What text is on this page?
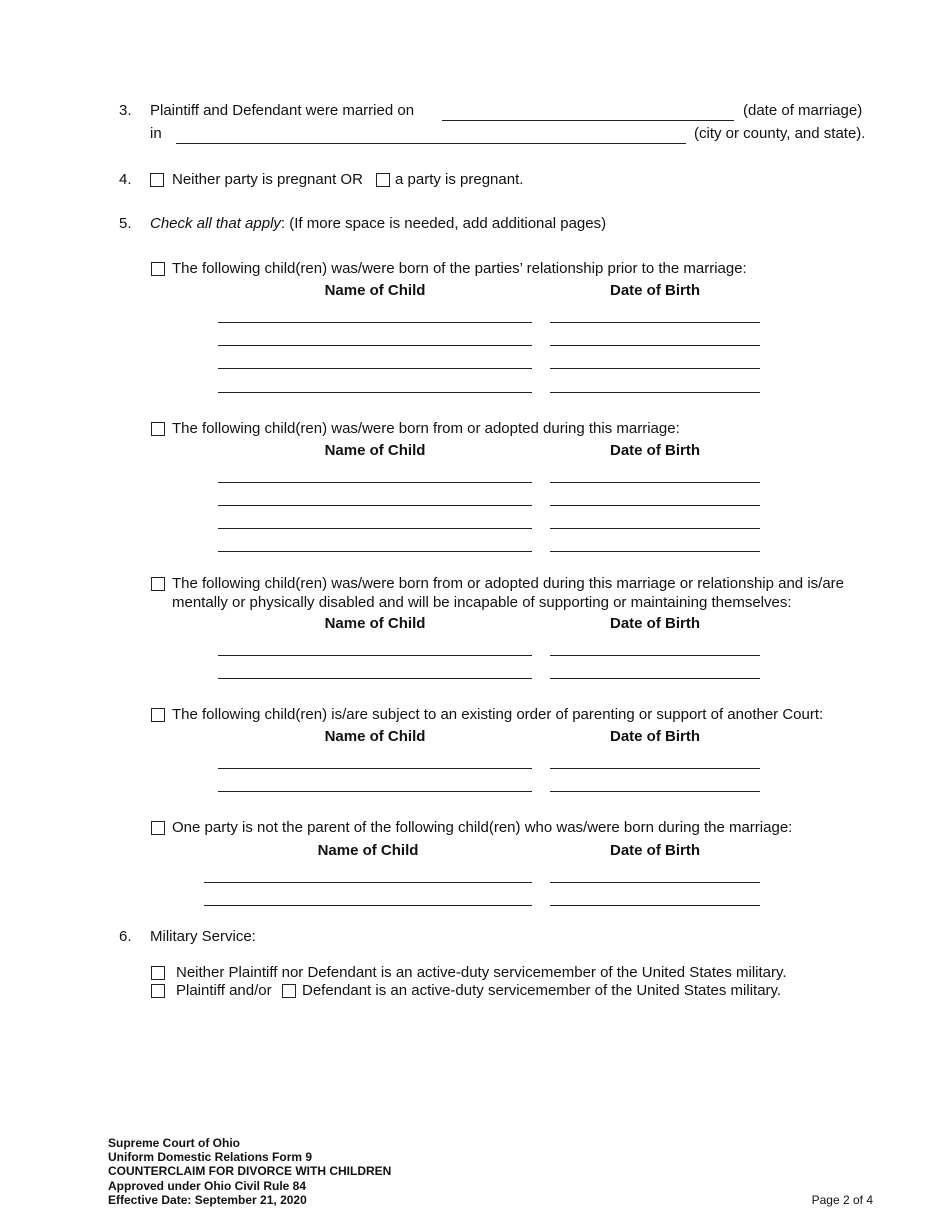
3. Plaintiff and Defendant were married on	(date of marriage)
in	(city or county, and state).
4.	Neither party is pregnant OR a party is pregnant.
5. Check all that apply: (If more space is needed, add additional pages)
The following child(ren) was/were born of the parties’ relationship prior to the marriage:
Name of Child	Date of Birth
The following child(ren) was/were born from or adopted during this marriage:
Name of Child	Date of Birth
The following child(ren) was/were born from or adopted during this marriage or relationship and is/are
mentally or physically disabled and will be incapable of supporting or maintaining themselves:
Name of Child	Date of Birth
The following child(ren) is/are subject to an existing order of parenting or support of another Court:
Name of Child	Date of Birth
One party is not the parent of the following child(ren) who was/were born during the marriage:
Name of Child	Date of Birth
6. Military Service:
Neither Plaintiff nor Defendant is an active-duty servicemember of the United States military.
Plaintiff and/or Defendant is an active-duty servicemember of the United States military.
Supreme Court of Ohio
Uniform Domestic Relations Form 9
COUNTERCLAIM FOR DIVORCE WITH CHILDREN
Approved under Ohio Civil Rule 84
Effective Date: September 21, 2020	Page 2 of 4
